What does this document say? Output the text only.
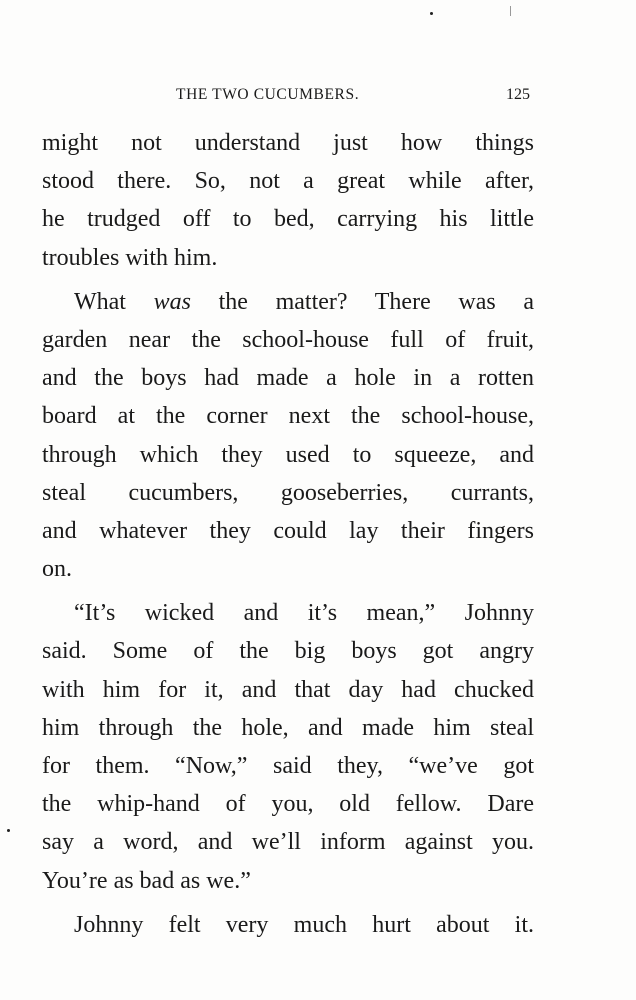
THE TWO CUCUMBERS.	125
might not understand just how things
stood there. So, not a great while after,
he trudged off to bed, carrying his little
troubles with him.
What was the matter? There was a
garden near the school-house full of fruit,
and the boys had made a hole in a rotten
board at the corner next the school-house,
through which they used to squeeze, and
steal cucumbers, gooseberries, currants,
and whatever they could lay their fingers
on.
“It’s wicked and it’s mean,” Johnny
said. Some of the big boys got angry
with him for it, and that day had chucked
him through the hole, and made him steal
for them. “Now,” said they, “we’ve got
the whip-hand of you, old fellow. Dare
say a word, and we’ll inform against you.
You’re as bad as we.”
Johnny felt very much hurt about it.
